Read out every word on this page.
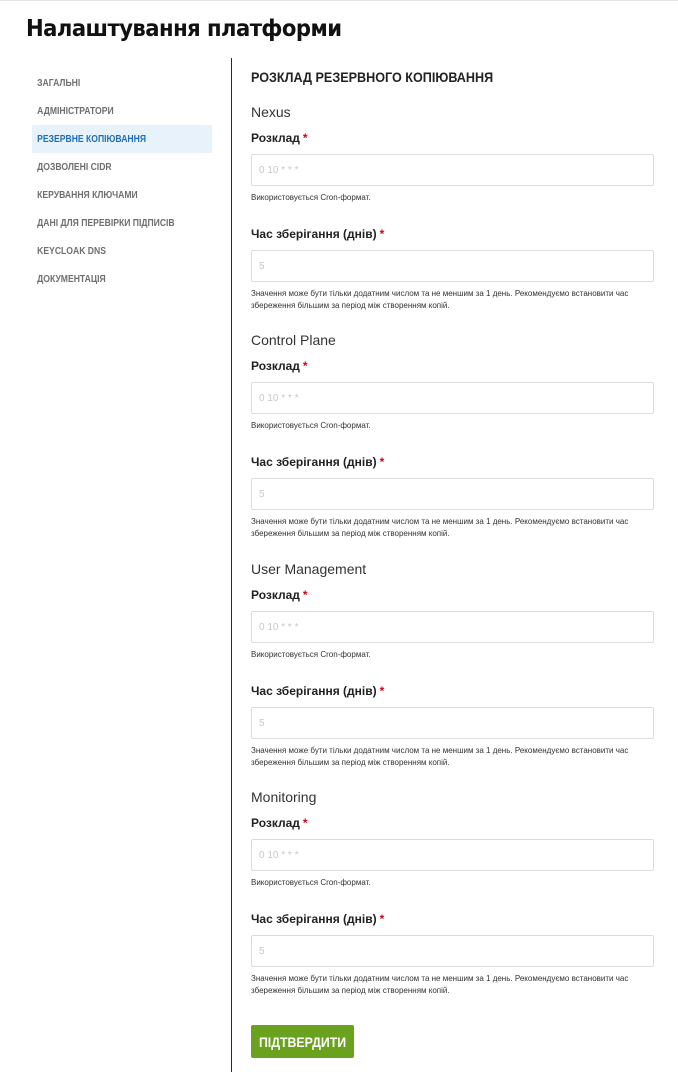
Налаштування платформи
ЗАГАЛЬНІ
АДМІНІСТРАТОРИ
РЕЗЕРВНЕ КОПІЮВАННЯ
ДОЗВОЛЕНІ CIDR
КЕРУВАННЯ КЛЮЧАМИ
ДАНІ ДЛЯ ПЕРЕВІРКИ ПІДПИСІВ
KEYCLOAK DNS
ДОКУМЕНТАЦІЯ
РОЗКЛАД РЕЗЕРВНОГО КОПІЮВАННЯ
Nexus
Розклад *
0 10 * * *
Використовується Cron-формат.
Час зберігання (днів) *
5
Значення може бути тільки додатним числом та не меншим за 1 день. Рекомендуємо встановити час збереження більшим за період між створенням копій.
Control Plane
Розклад *
0 10 * * *
Використовується Cron-формат.
Час зберігання (днів) *
5
Значення може бути тільки додатним числом та не меншим за 1 день. Рекомендуємо встановити час збереження більшим за період між створенням копій.
User Management
Розклад *
0 10 * * *
Використовується Cron-формат.
Час зберігання (днів) *
5
Значення може бути тільки додатним числом та не меншим за 1 день. Рекомендуємо встановити час збереження більшим за період між створенням копій.
Monitoring
Розклад *
0 10 * * *
Використовується Cron-формат.
Час зберігання (днів) *
5
Значення може бути тільки додатним числом та не меншим за 1 день. Рекомендуємо встановити час збереження більшим за період між створенням копій.
ПІДТВЕРДИТИ
